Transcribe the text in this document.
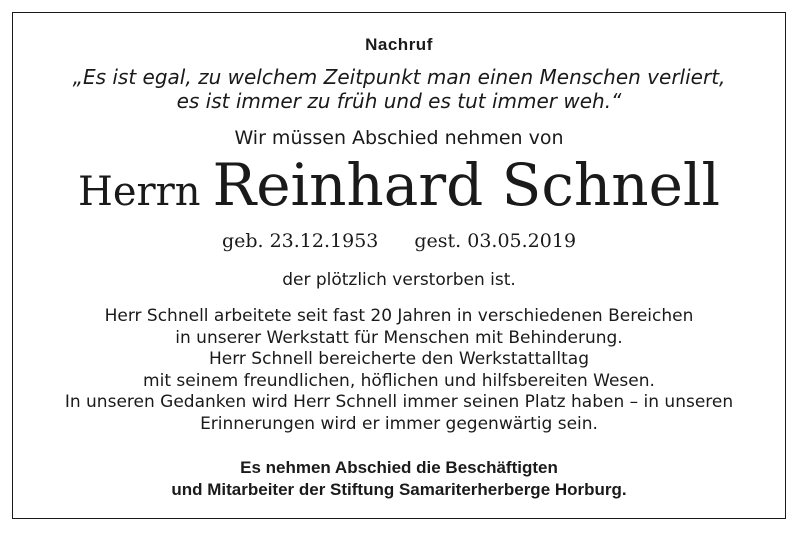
Nachruf
„Es ist egal, zu welchem Zeitpunkt man einen Menschen verliert,
es ist immer zu früh und es tut immer weh.“
Wir müssen Abschied nehmen von
Herrn Reinhard Schnell
geb. 23.12.1953 gest. 03.05.2019
der plötzlich verstorben ist.
Herr Schnell arbeitete seit fast 20 Jahren in verschiedenen Bereichen
in unserer Werkstatt für Menschen mit Behinderung.
Herr Schnell bereicherte den Werkstattalltag
mit seinem freundlichen, höflichen und hilfsbereiten Wesen.
In unseren Gedanken wird Herr Schnell immer seinen Platz haben – in unseren
Erinnerungen wird er immer gegenwärtig sein.
Es nehmen Abschied die Beschäftigten
und Mitarbeiter der Stiftung Samariterherberge Horburg.
